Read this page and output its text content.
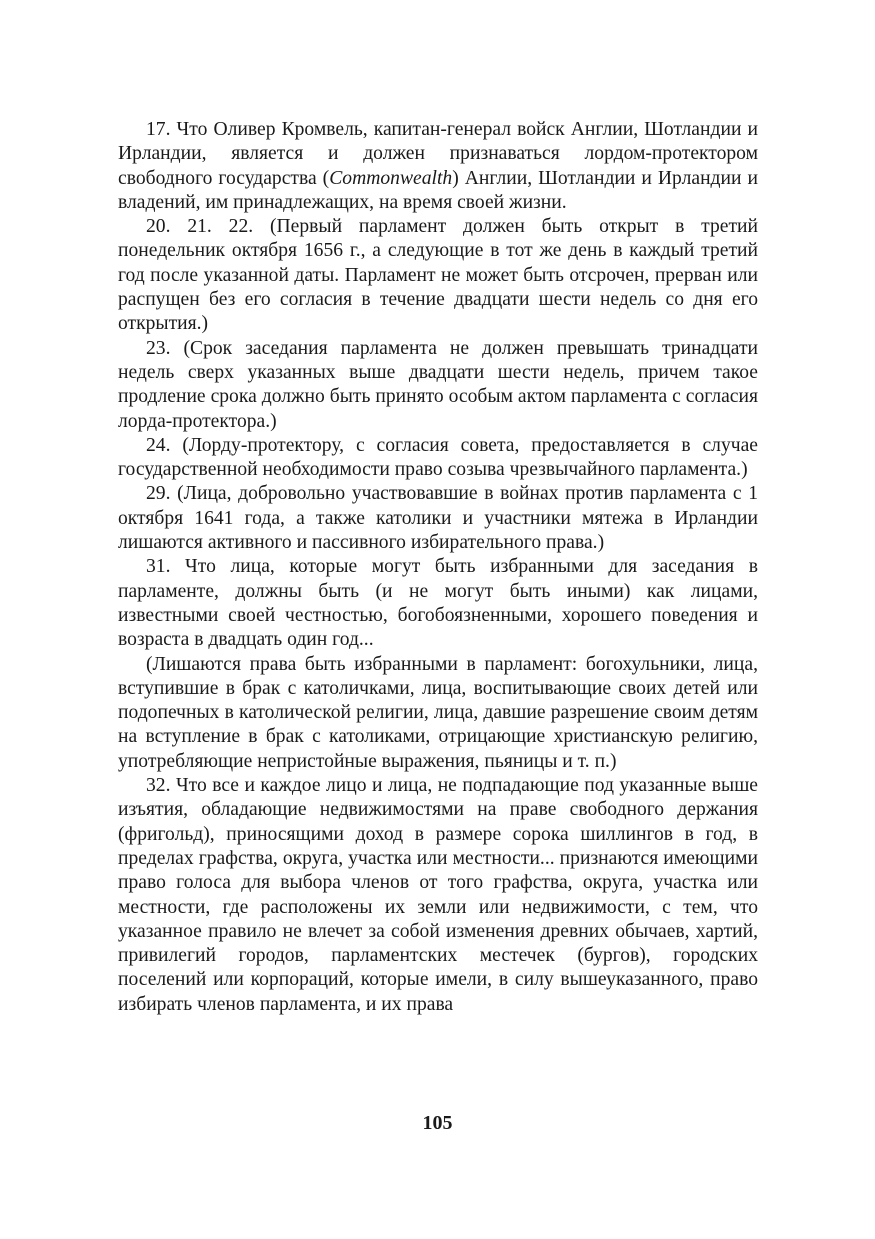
17. Что Оливер Кромвель, капитан-генерал войск Англии, Шотландии и Ирландии, является и должен признаваться лордом-протектором свободного государства (Commonwealth) Англии, Шотландии и Ирландии и владений, им принадлежащих, на время своей жизни.

20. 21. 22. (Первый парламент должен быть открыт в третий понедельник октября 1656 г., а следующие в тот же день в каждый третий год после указанной даты. Парламент не может быть отсрочен, прерван или распущен без его согласия в течение двадцати шести недель со дня его открытия.)

23. (Срок заседания парламента не должен превышать тринадцати недель сверх указанных выше двадцати шести недель, причем такое продление срока должно быть принято особым актом парламента с согласия лорда-протектора.)

24. (Лорду-протектору, с согласия совета, предоставляется в случае государственной необходимости право созыва чрезвычайного парламента.)

29. (Лица, добровольно участвовавшие в войнах против парламента с 1 октября 1641 года, а также католики и участники мятежа в Ирландии лишаются активного и пассивного избирательного права.)

31. Что лица, которые могут быть избранными для заседания в парламенте, должны быть (и не могут быть иными) как лицами, известными своей честностью, богобоязненными, хорошего поведения и возраста в двадцать один год...

(Лишаются права быть избранными в парламент: богохульники, лица, вступившие в брак с католичками, лица, воспитывающие своих детей или подопечных в католической религии, лица, давшие разрешение своим детям на вступление в брак с католиками, отрицающие христианскую религию, употребляющие непристойные выражения, пьяницы и т. п.)

32. Что все и каждое лицо и лица, не подпадающие под указанные выше изъятия, обладающие недвижимостями на праве свободного держания (фригольд), приносящими доход в размере сорока шиллингов в год, в пределах графства, округа, участка или местности... признаются имеющими право голоса для выбора членов от того графства, округа, участка или местности, где расположены их земли или недвижимости, с тем, что указанное правило не влечет за собой изменения древних обычаев, хартий, привилегий городов, парламентских местечек (бургов), городских поселений или корпораций, которые имели, в силу вышеуказанного, право избирать членов парламента, и их права

105
